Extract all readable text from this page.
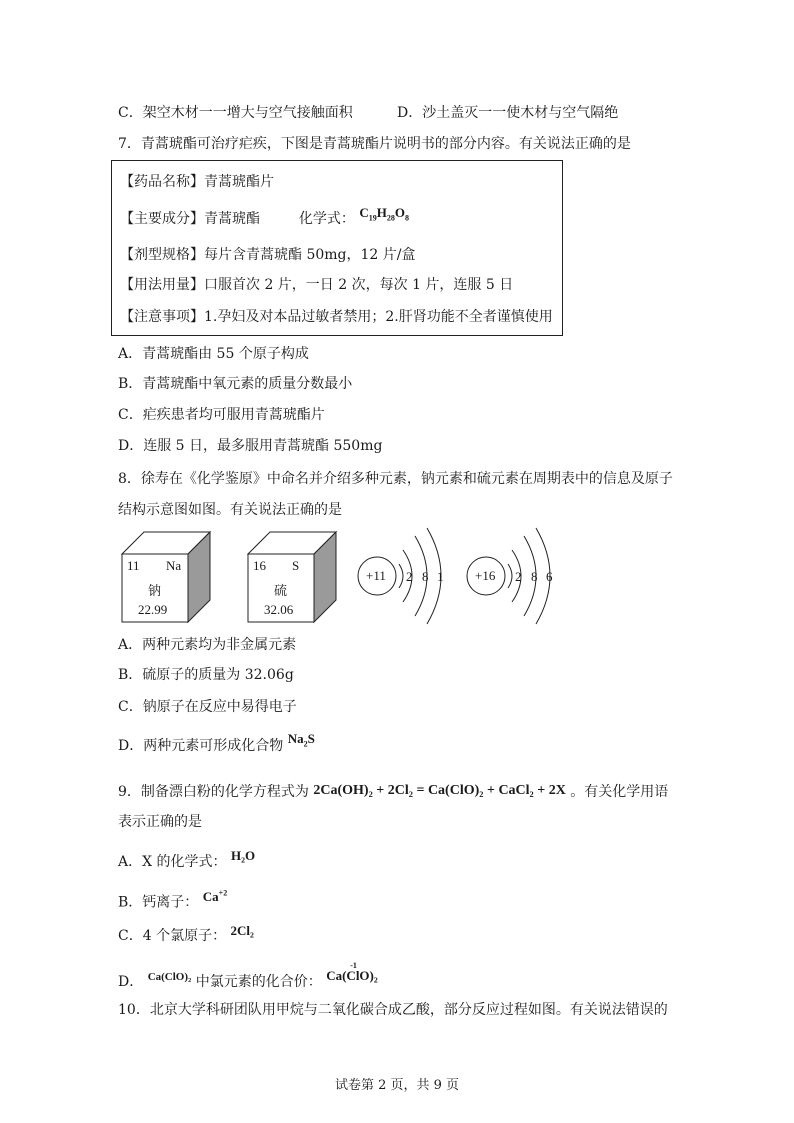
C．架空木材一一增大与空气接触面积	D．沙土盖灭一一使木材与空气隔绝
7．青蒿琥酯可治疗疟疾，下图是青蒿琥酯片说明书的部分内容。有关说法正确的是
【药品名称】青蒿琥酯片
【主要成分】青蒿琥酯	化学式： $C_{19}H_{28}O_8$
【剂型规格】每片含青蒿琥酯 50mg，12 片/盒
【用法用量】口服首次 2 片，一日 2 次，每次 1 片，连服 5 日
【注意事项】1.孕妇及对本品过敏者禁用；2.肝肾功能不全者谨慎使用
A．青蒿琥酯由 55 个原子构成
B．青蒿琥酯中氧元素的质量分数最小
C．疟疾患者均可服用青蒿琥酯片
D．连服 5 日，最多服用青蒿琥酯 550mg
8．徐寿在《化学鉴原》中命名并介绍多种元素，钠元素和硫元素在周期表中的信息及原子
结构示意图如图。有关说法正确的是
11 Na
钠
22.99
16 S
硫
32.06
+11 2 8 1 +16 2 8 6
A．两种元素均为非金属元素
B．硫原子的质量为 32.06g
C．钠原子在反应中易得电子
D．两种元素可形成化合物 $Na_2S$
9．制备漂白粉的化学方程式为 2Ca(OH)₂ + 2Cl₂ = Ca(ClO)₂ + CaCl₂ + 2X 。有关化学用语
表示正确的是
A．X 的化学式： H₂O
B．钙离子： $Ca^{+2}$
C．4 个氯原子： 2Cl₂
D． $^{Ca(ClO)_2}$ 中氯元素的化合价：
-1
Ca(ClO)₂
10．北京大学科研团队用甲烷与二氧化碳合成乙酸，部分反应过程如图。有关说法错误的
试卷第 2 页，共 9 页
